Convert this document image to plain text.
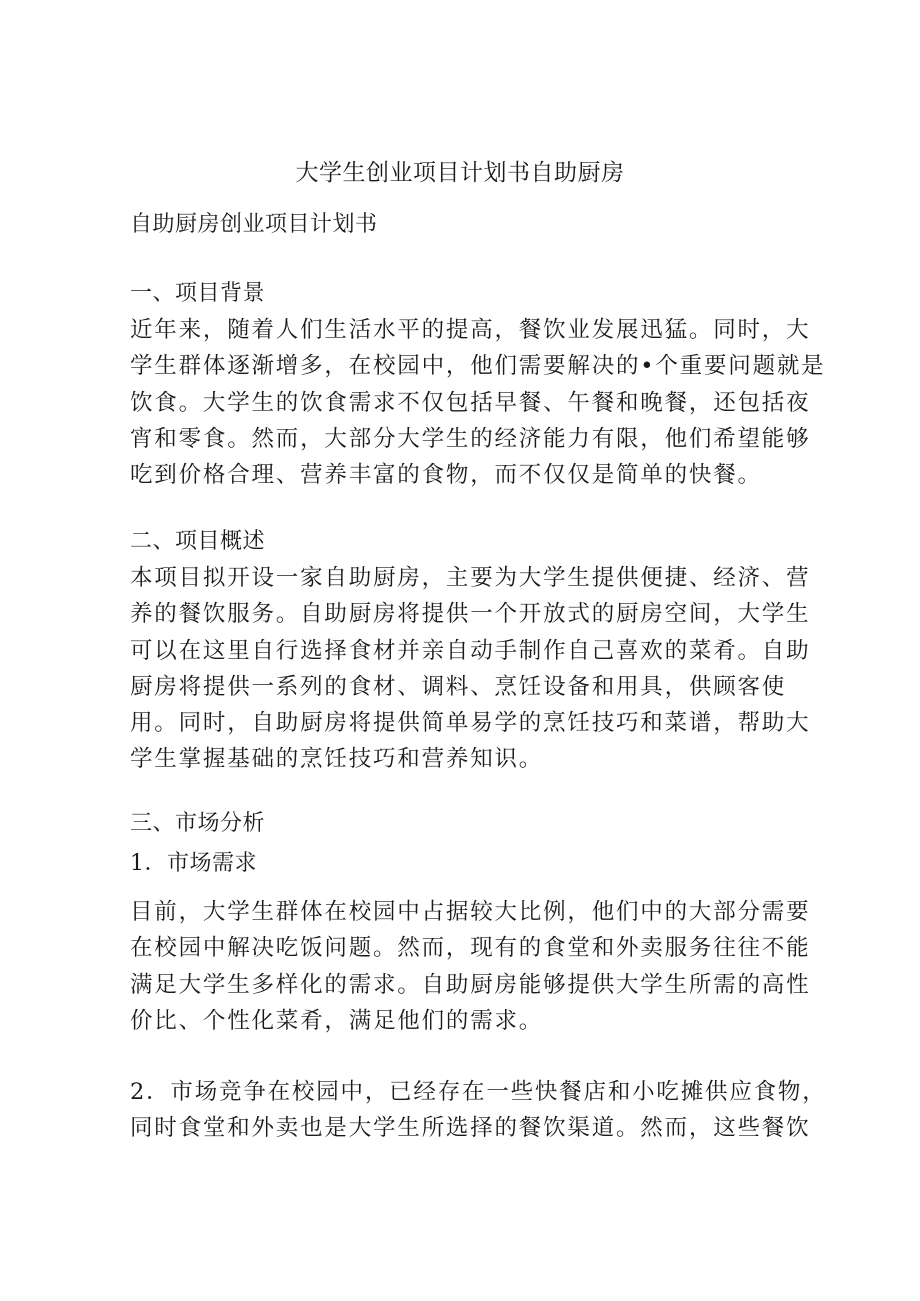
大学生创业项目计划书自助厨房

自助厨房创业项目计划书

一、项目背景

近年来，随着人们生活水平的提高，餐饮业发展迅猛。同时，大
学生群体逐渐增多，在校园中，他们需要解决的•个重要问题就是
饮食。大学生的饮食需求不仅包括早餐、午餐和晚餐，还包括夜
宵和零食。然而，大部分大学生的经济能力有限，他们希望能够
吃到价格合理、营养丰富的食物，而不仅仅是简单的快餐。

二、项目概述

本项目拟开设一家自助厨房，主要为大学生提供便捷、经济、营
养的餐饮服务。自助厨房将提供一个开放式的厨房空间，大学生
可以在这里自行选择食材并亲自动手制作自己喜欢的菜肴。自助
厨房将提供一系列的食材、调料、烹饪设备和用具，供顾客使
用。同时，自助厨房将提供简单易学的烹饪技巧和菜谱，帮助大
学生掌握基础的烹饪技巧和营养知识。

三、市场分析

1．市场需求

目前，大学生群体在校园中占据较大比例，他们中的大部分需要
在校园中解决吃饭问题。然而，现有的食堂和外卖服务往往不能
满足大学生多样化的需求。自助厨房能够提供大学生所需的高性
价比、个性化菜肴，满足他们的需求。
2．市场竞争在校园中，已经存在一些快餐店和小吃摊供应食物，
同时食堂和外卖也是大学生所选择的餐饮渠道。然而，这些餐饮
